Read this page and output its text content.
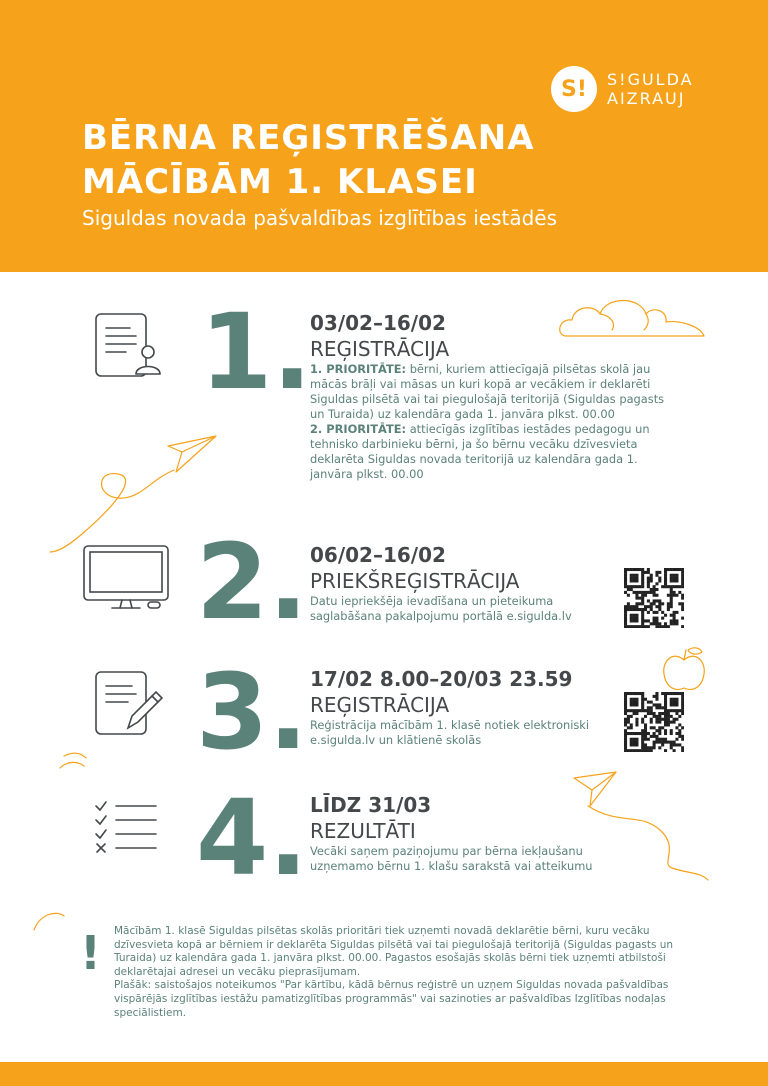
S!	S!GULDA
AIZRAUJ
BĒRNA REĢISTRĒŠANA
MĀCĪBĀM 1. KLASEI
Siguldas novada pašvaldības izglītības iestādēs
1.
2.
3.
4.
03/02–16/02
REĢISTRĀCIJA
1. PRIORITĀTE: bērni, kuriem attiecīgajā pilsētas skolā jau mācās brāļi vai māsas un kuri kopā ar vecākiem ir deklarēti Siguldas pilsētā vai tai piegulošajā teritorijā (Siguldas pagasts un Turaida) uz kalendāra gada 1. janvāra plkst. 00.00
2. PRIORITĀTE: attiecīgās izglītības iestādes pedagogu un tehnisko darbinieku bērni, ja šo bērnu vecāku dzīvesvieta deklarēta Siguldas novada teritorijā uz kalendāra gada 1. janvāra plkst. 00.00
06/02–16/02
PRIEKŠREĢISTRĀCIJA
Datu iepriekšēja ievadīšana un pieteikuma saglabāšana pakalpojumu portālā e.sigulda.lv
17/02 8.00–20/03 23.59
REĢISTRĀCIJA
Reģistrācija mācībām 1. klasē notiek elektroniski e.sigulda.lv un klātienē skolās
LĪDZ 31/03
REZULTĀTI
Vecāki saņem paziņojumu par bērna iekļaušanu uzņemamo bērnu 1. klašu sarakstā vai atteikumu
! Mācībām 1. klasē Siguldas pilsētas skolās prioritāri tiek uzņemti novadā deklarētie bērni, kuru vecāku dzīvesvieta kopā ar bērniem ir deklarēta Siguldas pilsētā vai tai piegulošajā teritorijā (Siguldas pagasts un Turaida) uz kalendāra gada 1. janvāra plkst. 00.00. Pagastos esošajās skolās bērni tiek uzņemti atbilstoši deklarētajai adresei un vecāku pieprasījumam.
Plašāk: saistošajos noteikumos "Par kārtību, kādā bērnus reģistrē un uzņem Siguldas novada pašvaldības vispārējās izglītības iestāžu pamatizglītības programmās" vai sazinoties ar pašvaldības Izglītības nodaļas speciālistiem.
